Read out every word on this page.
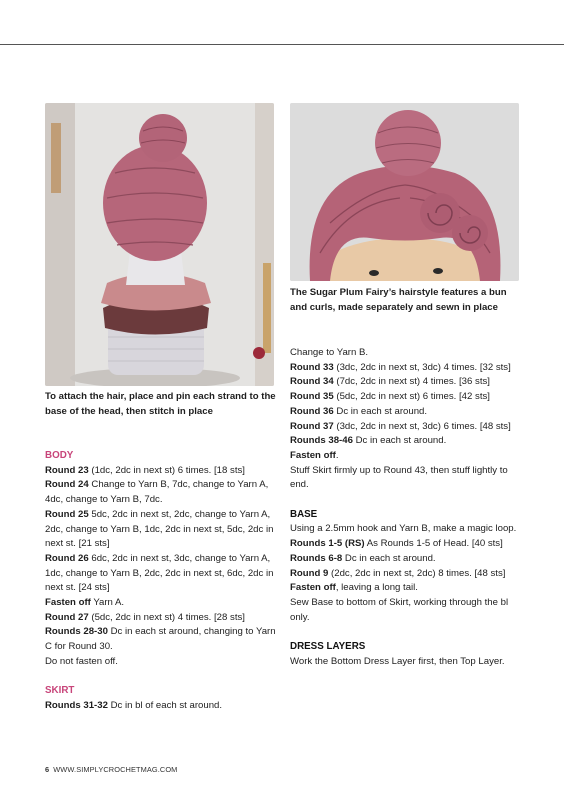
To attach the hair, place and pin each strand to the base of the head, then stitch in place
The Sugar Plum Fairy’s hairstyle features a bun and curls, made separately and sewn in place

BODY

Round 23 (1dc, 2dc in next st) 6 times. [18 sts]

Round 24 Change to Yarn B, 7dc, change to Yarn A, 4dc, change to Yarn B, 7dc.

Round 25 5dc, 2dc in next st, 2dc, change to Yarn A, 2dc, change to Yarn B, 1dc, 2dc in next st, 5dc, 2dc in next st. [21 sts]

Round 26 6dc, 2dc in next st, 3dc, change to Yarn A, 1dc, change to Yarn B, 2dc, 2dc in next st, 6dc, 2dc in next st. [24 sts]

Fasten off Yarn A.

Round 27 (5dc, 2dc in next st) 4 times. [28 sts]

Rounds 28-30 Dc in each st around, changing to Yarn C for Round 30.

Do not fasten off.

SKIRT

Rounds 31-32 Dc in bl of each st around.

Change to Yarn B.

Round 33 (3dc, 2dc in next st, 3dc) 4 times. [32 sts]

Round 34 (7dc, 2dc in next st) 4 times. [36 sts]

Round 35 (5dc, 2dc in next st) 6 times. [42 sts]

Round 36 Dc in each st around.

Round 37 (3dc, 2dc in next st, 3dc) 6 times. [48 sts]

Rounds 38-46 Dc in each st around.

Fasten off.

Stuff Skirt firmly up to Round 43, then stuff lightly to end.

BASE

Using a 2.5mm hook and Yarn B, make a magic loop.

Rounds 1-5 (RS) As Rounds 1-5 of Head. [40 sts]

Rounds 6-8 Dc in each st around.

Round 9 (2dc, 2dc in next st, 2dc) 8 times. [48 sts]

Fasten off, leaving a long tail.

Sew Base to bottom of Skirt, working through the bl only.

DRESS LAYERS

Work the Bottom Dress Layer first, then Top Layer.

6 WWW.SIMPLYCROCHETMAG.COM
PassionForum.ru
